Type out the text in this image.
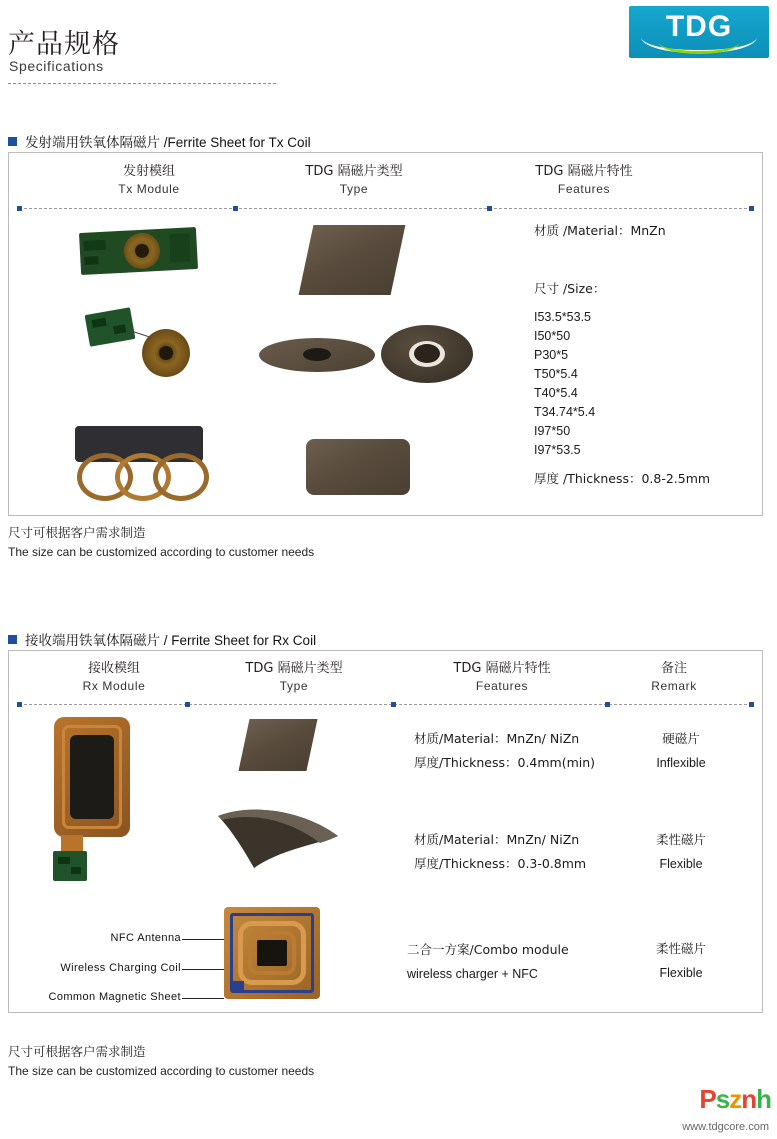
产品规格
Specifications
TDG
发射端用铁氧体隔磁片 /Ferrite Sheet for Tx Coil
发射模组
Tx Module
TDG 隔磁片类型
Type
TDG 隔磁片特性
Features
材质 /Material：MnZn
尺寸 /Size：
I53.5*53.5
I50*50
P30*5
T50*5.4
T40*5.4
T34.74*5.4
I97*50
I97*53.5
厚度 /Thickness：0.8-2.5mm
尺寸可根据客户需求制造
The size can be customized according to customer needs
接收端用铁氧体隔磁片 / Ferrite Sheet for Rx Coil
接收模组
Rx Module
TDG 隔磁片类型
Type
TDG 隔磁片特性
Features
备注
Remark
材质/Material：MnZn/ NiZn
厚度/Thickness：0.4mm(min)
硬磁片
Inflexible
材质/Material：MnZn/ NiZn
厚度/Thickness：0.3-0.8mm
柔性磁片
Flexible
二合一方案/Combo module
wireless charger + NFC
柔性磁片
Flexible
NFC Antenna
Wireless Charging Coil
Common Magnetic Sheet
尺寸可根据客户需求制造
The size can be customized according to customer needs
Psznh
www.tdgcore.com
